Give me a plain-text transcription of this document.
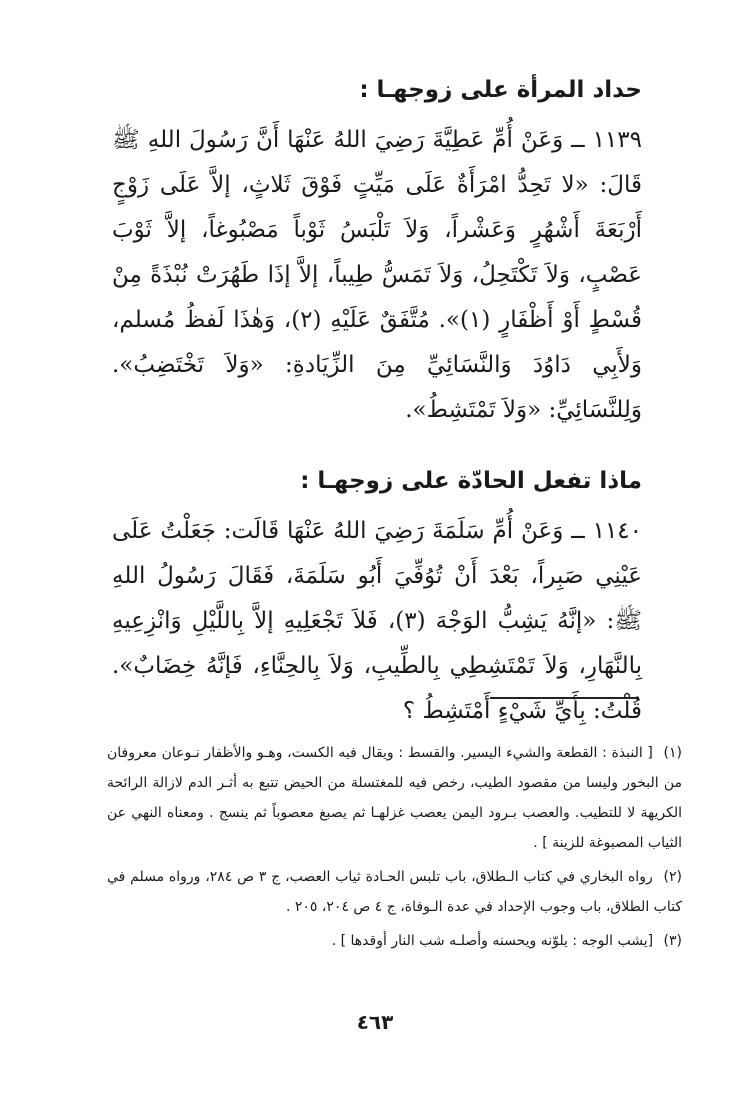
حداد المرأة على زوجهـا :

١١٣٩ ــ وَعَنْ أُمِّ عَطِيَّةَ رَضِيَ اللهُ عَنْهَا أَنَّ رَسُولَ اللهِ ﷺ قَالَ: «لا تَحِدُّ امْرَأَةٌ عَلَى مَيِّتٍ فَوْقَ ثَلاثٍ، إلاَّ عَلَى زَوْجٍ أَرْبَعَةَ أَشْهُرٍ وَعَشْراً، وَلاَ تَلْبَسُ ثَوْباً مَصْبُوغاً، إلاَّ ثَوْبَ عَصْبٍ، وَلاَ تَكْتَحِلُ، وَلاَ تَمَسُّ طِيباً، إلاَّ إذَا طَهُرَتْ نُبْذَةً مِنْ قُسْطٍ أَوْ أَظْفَارٍ (١)». مُتَّفَقٌ عَلَيْهِ (٢)، وَهٰذَا لَفظُ مُسلم، وَلأَبِي دَاوُدَ وَالنَّسَائِيِّ مِنَ الزِّيَادةِ: «وَلاَ تَخْتَضِبُ». وَلِلنَّسَائِيِّ: «وَلاَ تَمْتَشِطُ».

ماذا تفعل الحادّة على زوجهـا :

١١٤٠ ــ وَعَنْ أُمِّ سَلَمَةَ رَضِيَ اللهُ عَنْهَا قَالَت: جَعَلْتُ عَلَى عَيْنِي صَبِراً، بَعْدَ أَنْ تُوُفِّيَ أَبُو سَلَمَةَ، فَقَالَ رَسُولُ اللهِ ﷺ: «إنَّهُ يَشِبُّ الوَجْهَ (٣)، فَلاَ تَجْعَلِيهِ إلاَّ بِاللَّيْلِ وَانْزِعِيهِ بِالنَّهَارِ، وَلاَ تَمْتَشِطِي بِالطِّيبِ، وَلاَ بِالحِنَّاءِ، فَإنَّهُ خِضَابٌ». قُلْتُ: بِأَيِّ شَيْءٍ أَمْتَشِطُ ؟

(١) [ النبذة : القطعة والشيء اليسير. والقسط : ويقال فيه الكست، وهـو والأظفار نـوعان معروفان من البخور وليسا من مقصود الطيب، رخص فيه للمغتسلة من الحيض تتبع به أثـر الدم لازالة الرائحة الكريهة لا للتطيب. والعصب بـرود اليمن يعصب غزلهـا ثم يصبغ معصوباً ثم ينسج . ومعناه النهي عن الثياب المصبوغة للزينة ] .

(٢) رواه البخاري في كتاب الـطلاق، باب تلبس الحـادة ثياب العصب، ج ٣ ص ٢٨٤، ورواه مسلم في كتاب الطلاق، باب وجوب الإحداد في عدة الـوفاة، ج ٤ ص ٢٠٤، ٢٠٥ .

(٣) [يشب الوجه : يلوّنه ويحسنه وأصلـه شب النار أوقدها ] .

٤٦٣
